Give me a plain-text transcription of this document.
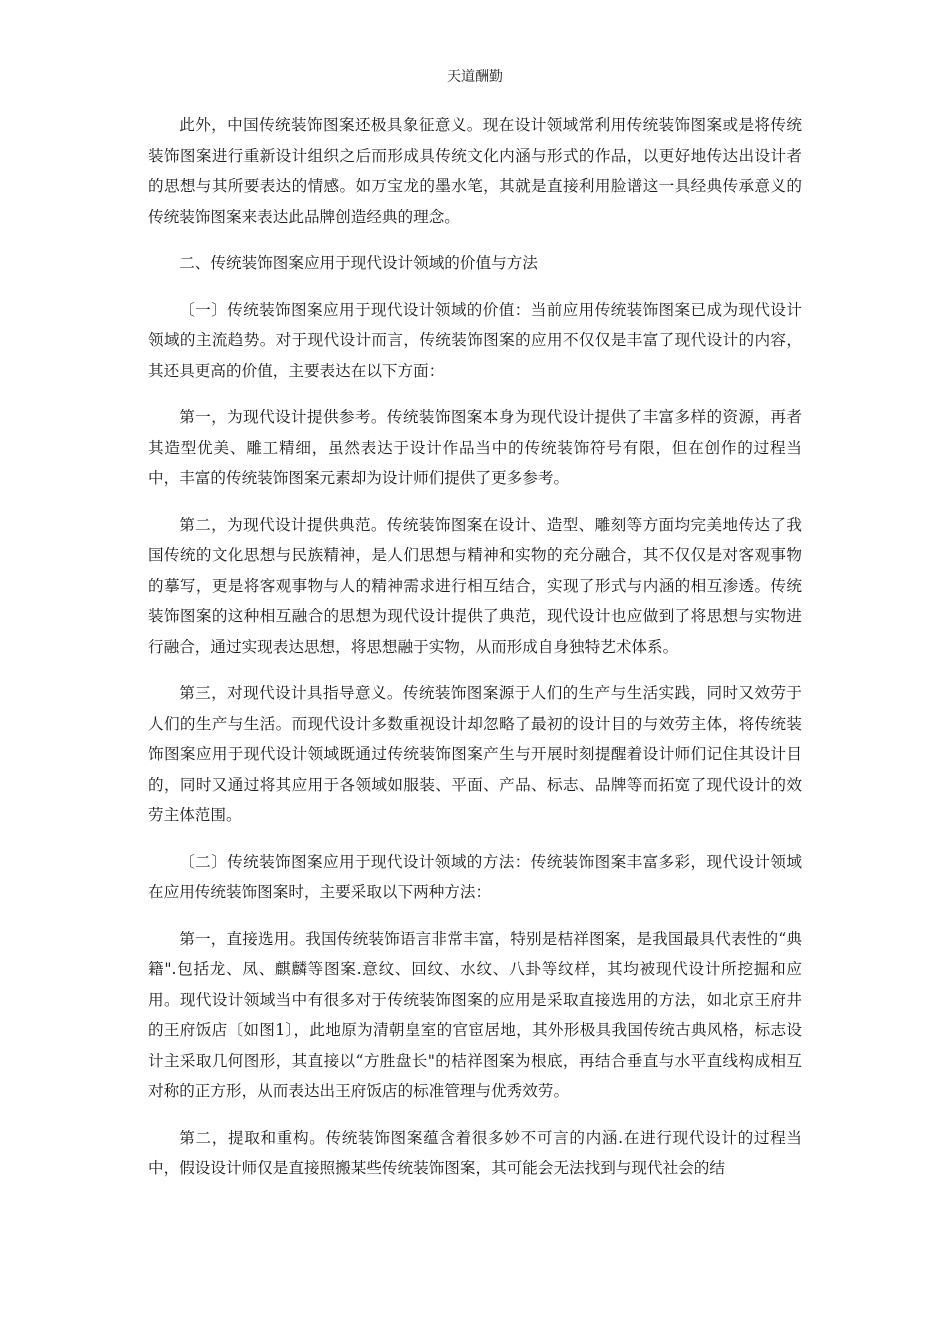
天道酬勤

此外，中国传统装饰图案还极具象征意义。现在设计领域常利用传统装饰图案或是将传统装饰图案进行重新设计组织之后而形成具传统文化内涵与形式的作品，以更好地传达出设计者的思想与其所要表达的情感。如万宝龙的墨水笔，其就是直接利用脸谱这一具经典传承意义的传统装饰图案来表达此品牌创造经典的理念。

二、传统装饰图案应用于现代设计领域的价值与方法

〔一〕传统装饰图案应用于现代设计领域的价值：当前应用传统装饰图案已成为现代设计领域的主流趋势。对于现代设计而言，传统装饰图案的应用不仅仅是丰富了现代设计的内容，其还具更高的价值，主要表达在以下方面：

第一，为现代设计提供参考。传统装饰图案本身为现代设计提供了丰富多样的资源，再者其造型优美、雕工精细，虽然表达于设计作品当中的传统装饰符号有限，但在创作的过程当中，丰富的传统装饰图案元素却为设计师们提供了更多参考。

第二，为现代设计提供典范。传统装饰图案在设计、造型、雕刻等方面均完美地传达了我国传统的文化思想与民族精神，是人们思想与精神和实物的充分融合，其不仅仅是对客观事物的摹写，更是将客观事物与人的精神需求进行相互结合，实现了形式与内涵的相互渗透。传统装饰图案的这种相互融合的思想为现代设计提供了典范，现代设计也应做到了将思想与实物进行融合，通过实现表达思想，将思想融于实物，从而形成自身独特艺术体系。

第三，对现代设计具指导意义。传统装饰图案源于人们的生产与生活实践，同时又效劳于人们的生产与生活。而现代设计多数重视设计却忽略了最初的设计目的与效劳主体，将传统装饰图案应用于现代设计领域既通过传统装饰图案产生与开展时刻提醒着设计师们记住其设计目的，同时又通过将其应用于各领域如服装、平面、产品、标志、品牌等而拓宽了现代设计的效劳主体范围。

〔二〕传统装饰图案应用于现代设计领域的方法：传统装饰图案丰富多彩，现代设计领域在应用传统装饰图案时，主要采取以下两种方法：

第一，直接选用。我国传统装饰语言非常丰富，特别是桔祥图案，是我国最具代表性的“典籍".包括龙、凤、麒麟等图案.意纹、回纹、水纹、八卦等纹样，其均被现代设计所挖掘和应用。现代设计领域当中有很多对于传统装饰图案的应用是采取直接选用的方法，如北京王府井的王府饭店〔如图1〕，此地原为清朝皇室的官宦居地，其外形极具我国传统古典风格，标志设计主采取几何图形，其直接以“方胜盘长"的桔祥图案为根底，再结合垂直与水平直线构成相互对称的正方形，从而表达出王府饭店的标准管理与优秀效劳。

第二，提取和重构。传统装饰图案蕴含着很多妙不可言的内涵.在进行现代设计的过程当中，假设设计师仅是直接照搬某些传统装饰图案，其可能会无法找到与现代社会的结
